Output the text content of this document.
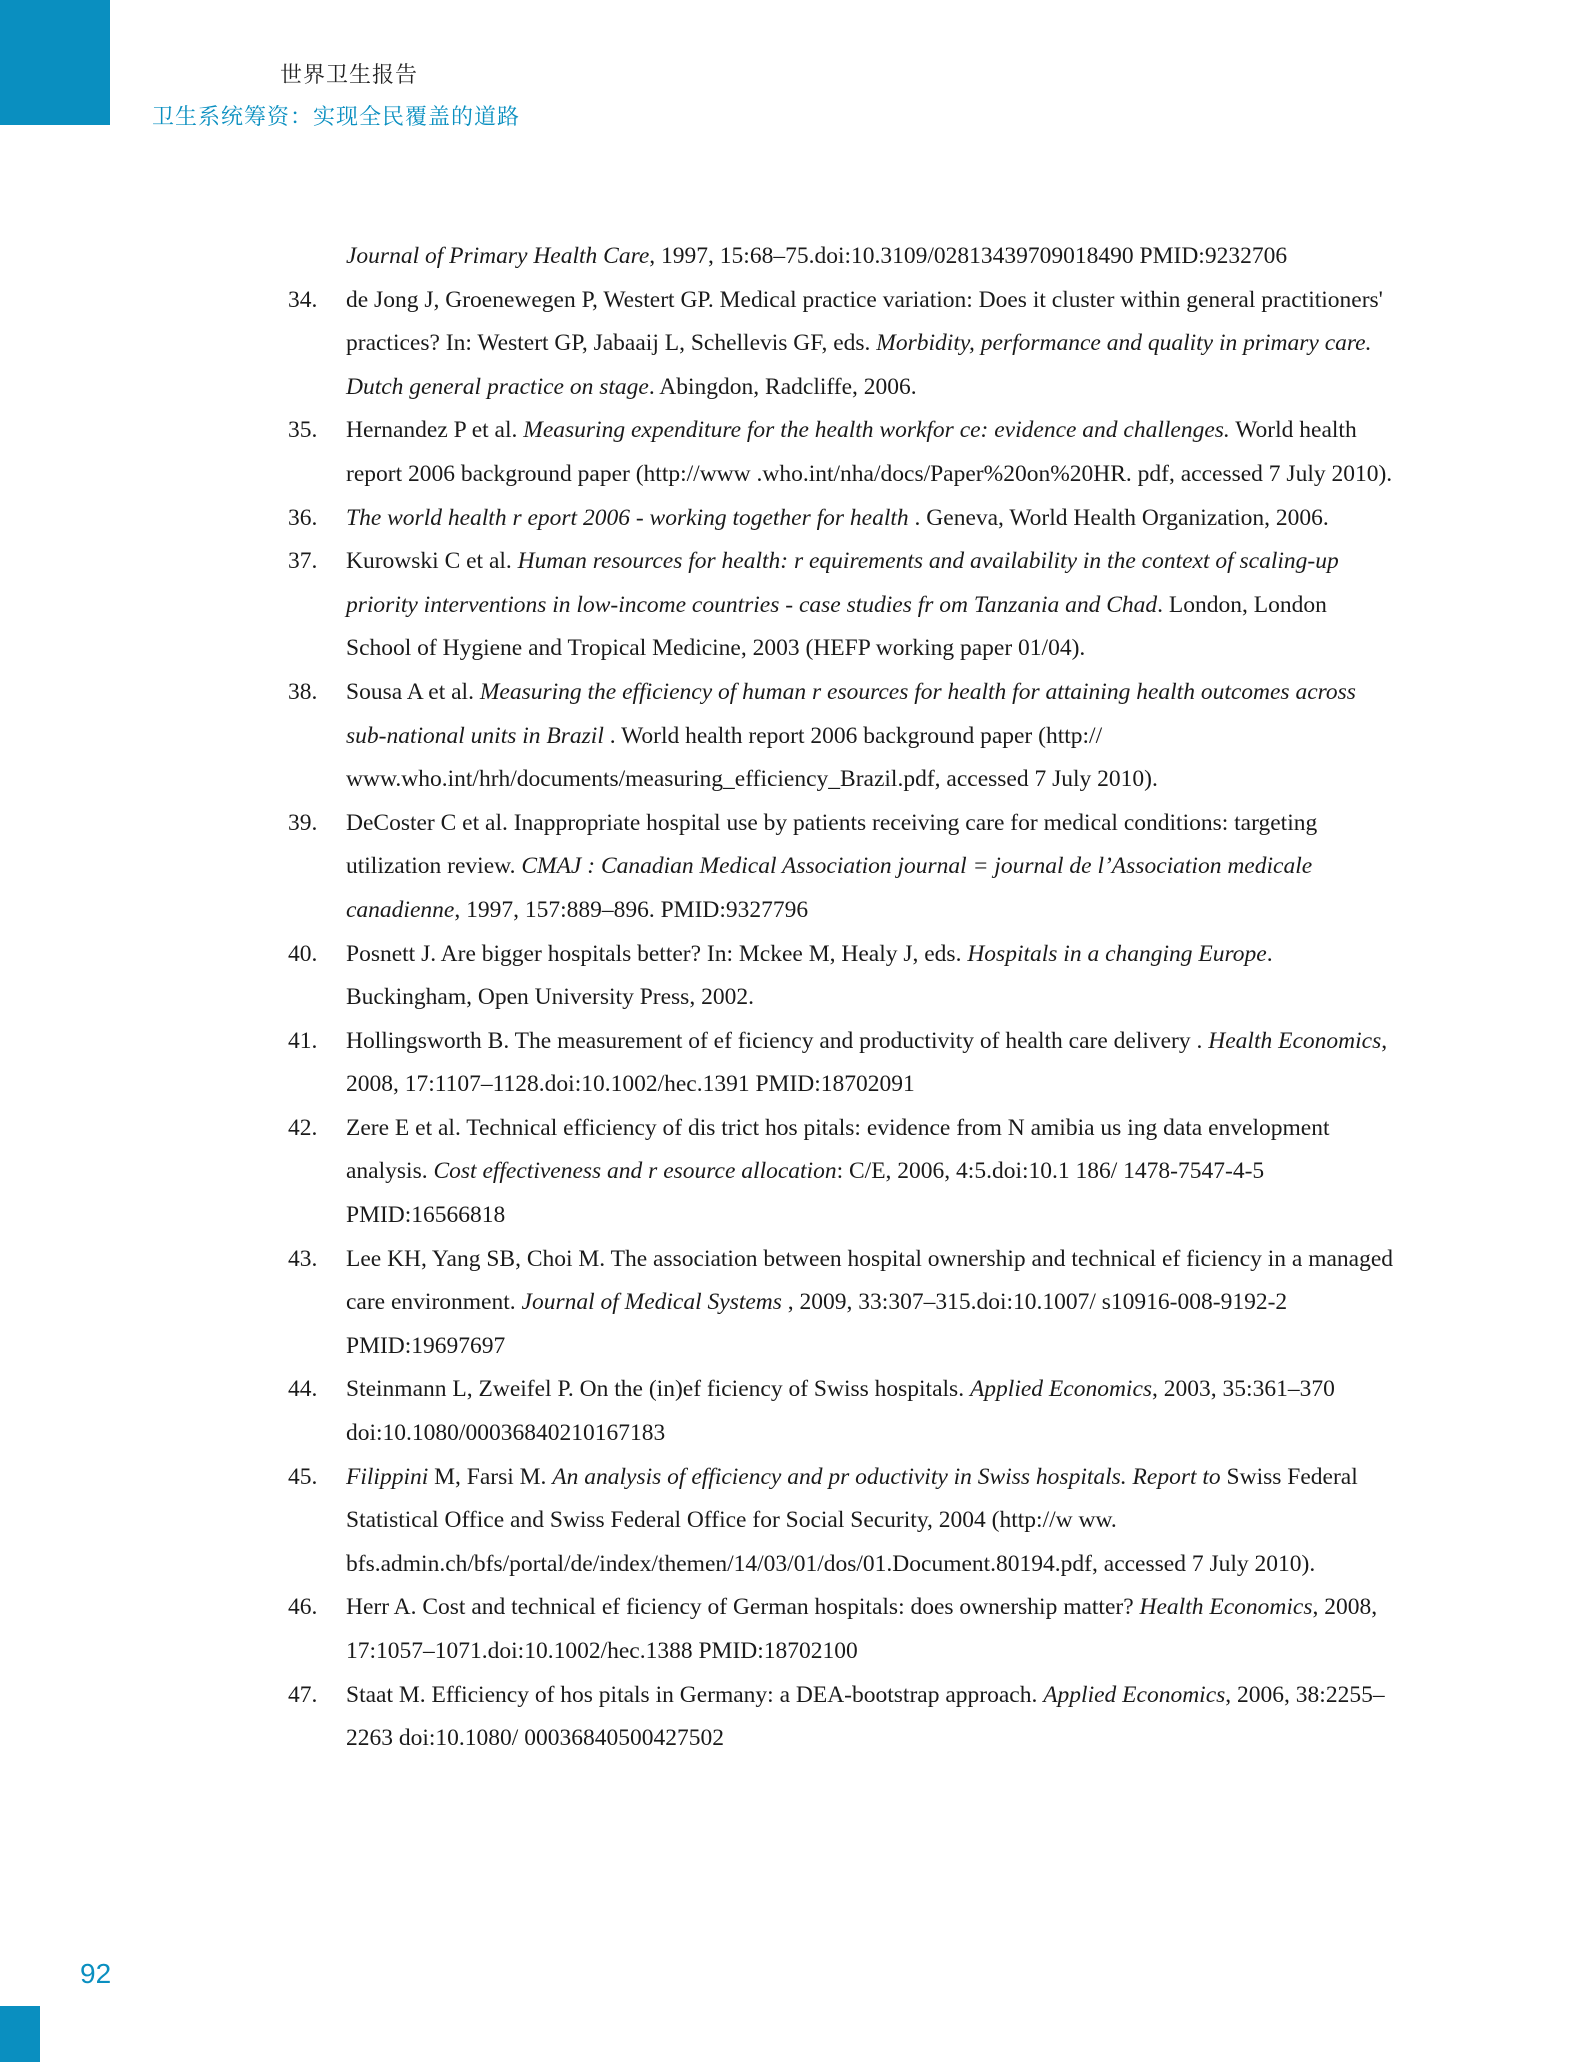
世界卫生报告
卫生系统筹资：实现全民覆盖的道路
Journal of Primary Health Care, 1997, 15:68–75.doi:10.3109/02813439709018490 PMID:9232706
34.	de Jong J, Groenewegen P, Westert GP. Medical practice variation: Does it cluster within general practitioners' practices? In: Westert GP, Jabaaij L, Schellevis GF, eds. Morbidity, performance and quality in primary care. Dutch general practice on stage. Abingdon, Radcliffe, 2006.
35.	Hernandez P et al. Measuring expenditure for the health workfor ce: evidence and challenges. World health report 2006 background paper (http://www .who.int/nha/docs/Paper%20on%20HR. pdf, accessed 7 July 2010).
36.	The world health r eport 2006 - working together for health . Geneva, World Health Organization, 2006.
37.	Kurowski C et al. Human resources for health: r equirements and availability in the context of scaling-up priority interventions in low-income countries - case studies fr om Tanzania and Chad. London, London School of Hygiene and Tropical Medicine, 2003 (HEFP working paper 01/04).
38.	Sousa A et al. Measuring the efficiency of human r esources for health for attaining health outcomes across sub-national units in Brazil . World health report 2006 background paper (http:// www.who.int/hrh/documents/measuring_efficiency_Brazil.pdf, accessed 7 July 2010).
39.	DeCoster C et al. Inappropriate hospital use by patients receiving care for medical conditions: targeting utilization review. CMAJ : Canadian Medical Association journal = journal de l’Association medicale canadienne, 1997, 157:889–896. PMID:9327796
40.	Posnett J. Are bigger hospitals better? In: Mckee M, Healy J, eds. Hospitals in a changing Europe. Buckingham, Open University Press, 2002.
41.	Hollingsworth B. The measurement of ef ficiency and productivity of health care delivery . Health Economics, 2008, 17:1107–1128.doi:10.1002/hec.1391 PMID:18702091
42.	Zere E et al. Technical efficiency of dis trict hos pitals: evidence from N amibia us ing data envelopment analysis. Cost effectiveness and r esource allocation: C/E, 2006, 4:5.doi:10.1 186/ 1478-7547-4-5 PMID:16566818
43.	Lee KH, Yang SB, Choi M. The association between hospital ownership and technical ef ficiency in a managed care environment. Journal of Medical Systems , 2009, 33:307–315.doi:10.1007/ s10916-008-9192-2 PMID:19697697
44.	Steinmann L, Zweifel P. On the (in)ef ficiency of Swiss hospitals. Applied Economics, 2003, 35:361–370 doi:10.1080/00036840210167183
45.	Filippini M, Farsi M. An analysis of efficiency and pr oductivity in Swiss hospitals. Report to Swiss Federal Statistical Office and Swiss Federal Office for Social Security, 2004 (http://w ww. bfs.admin.ch/bfs/portal/de/index/themen/14/03/01/dos/01.Document.80194.pdf, accessed 7 July 2010).
46.	Herr A. Cost and technical ef ficiency of German hospitals: does ownership matter? Health Economics, 2008, 17:1057–1071.doi:10.1002/hec.1388 PMID:18702100
47.	Staat M. Efficiency of hos pitals in Germany: a DEA-bootstrap approach. Applied Economics, 2006, 38:2255–2263 doi:10.1080/ 00036840500427502
92
